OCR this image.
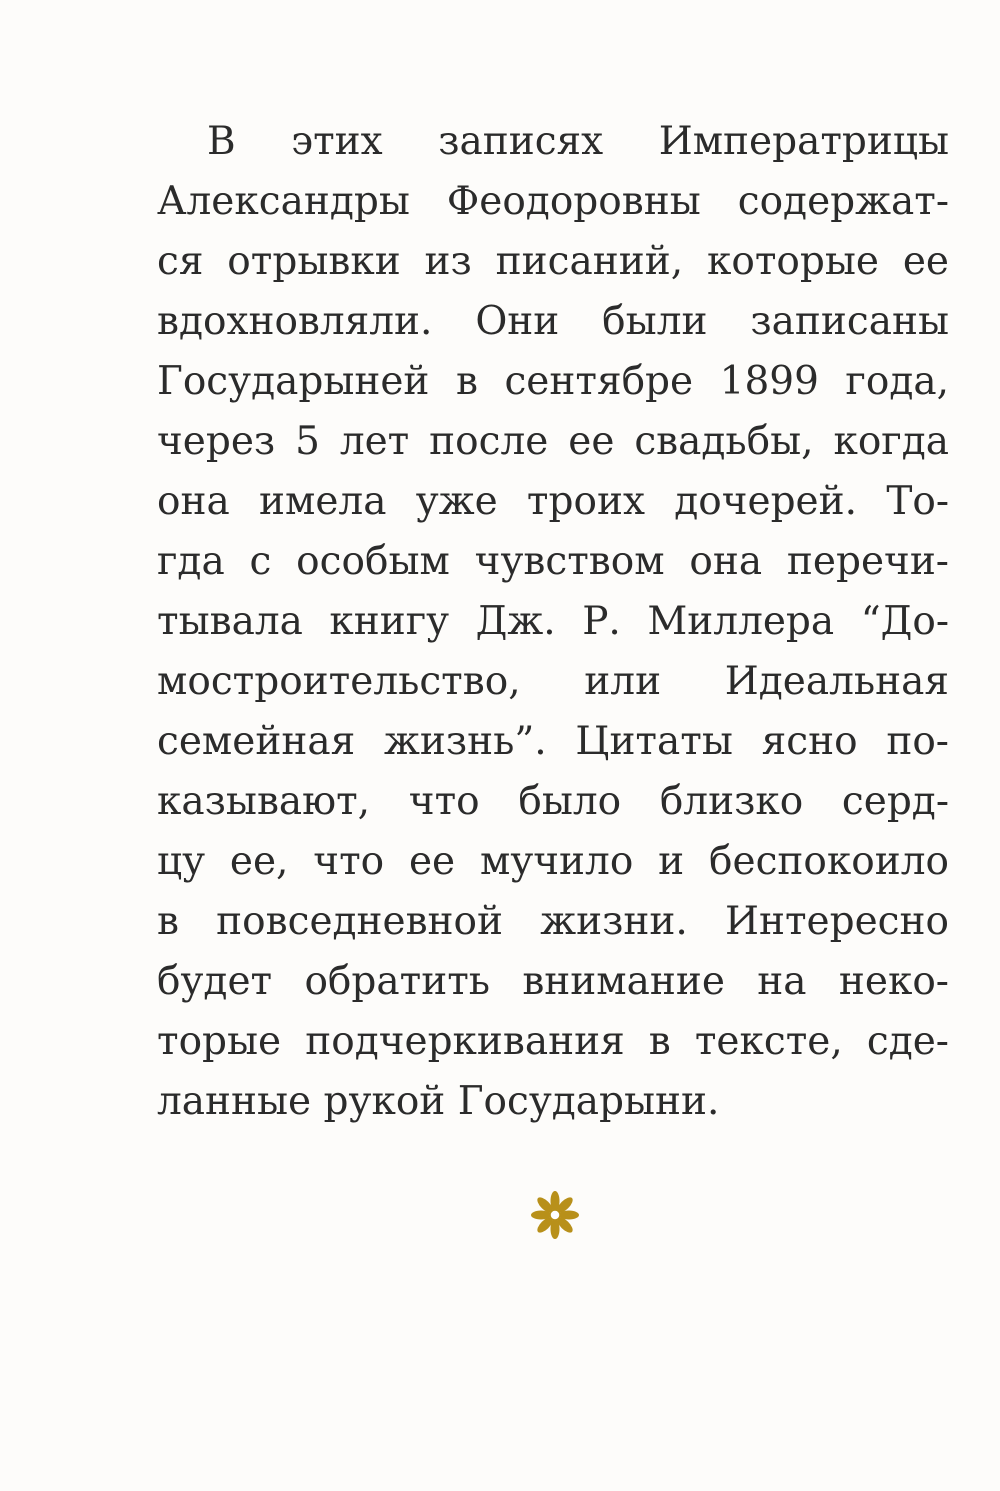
В этих записях Императрицы
Александры Феодоровны содержат-
ся отрывки из писаний, которые ее
вдохновляли. Они были записаны
Государыней в сентябре 1899 года,
через 5 лет после ее свадьбы, когда
она имела уже троих дочерей. То-
гда с особым чувством она перечи-
тывала книгу Дж. Р. Миллера “До-
мостроительство, или Идеальная
семейная жизнь”. Цитаты ясно по-
казывают, что было близко серд-
цу ее, что ее мучило и беспокоило
в повседневной жизни. Интересно
будет обратить внимание на неко-
торые подчеркивания в тексте, сде-
ланные рукой Государыни.
